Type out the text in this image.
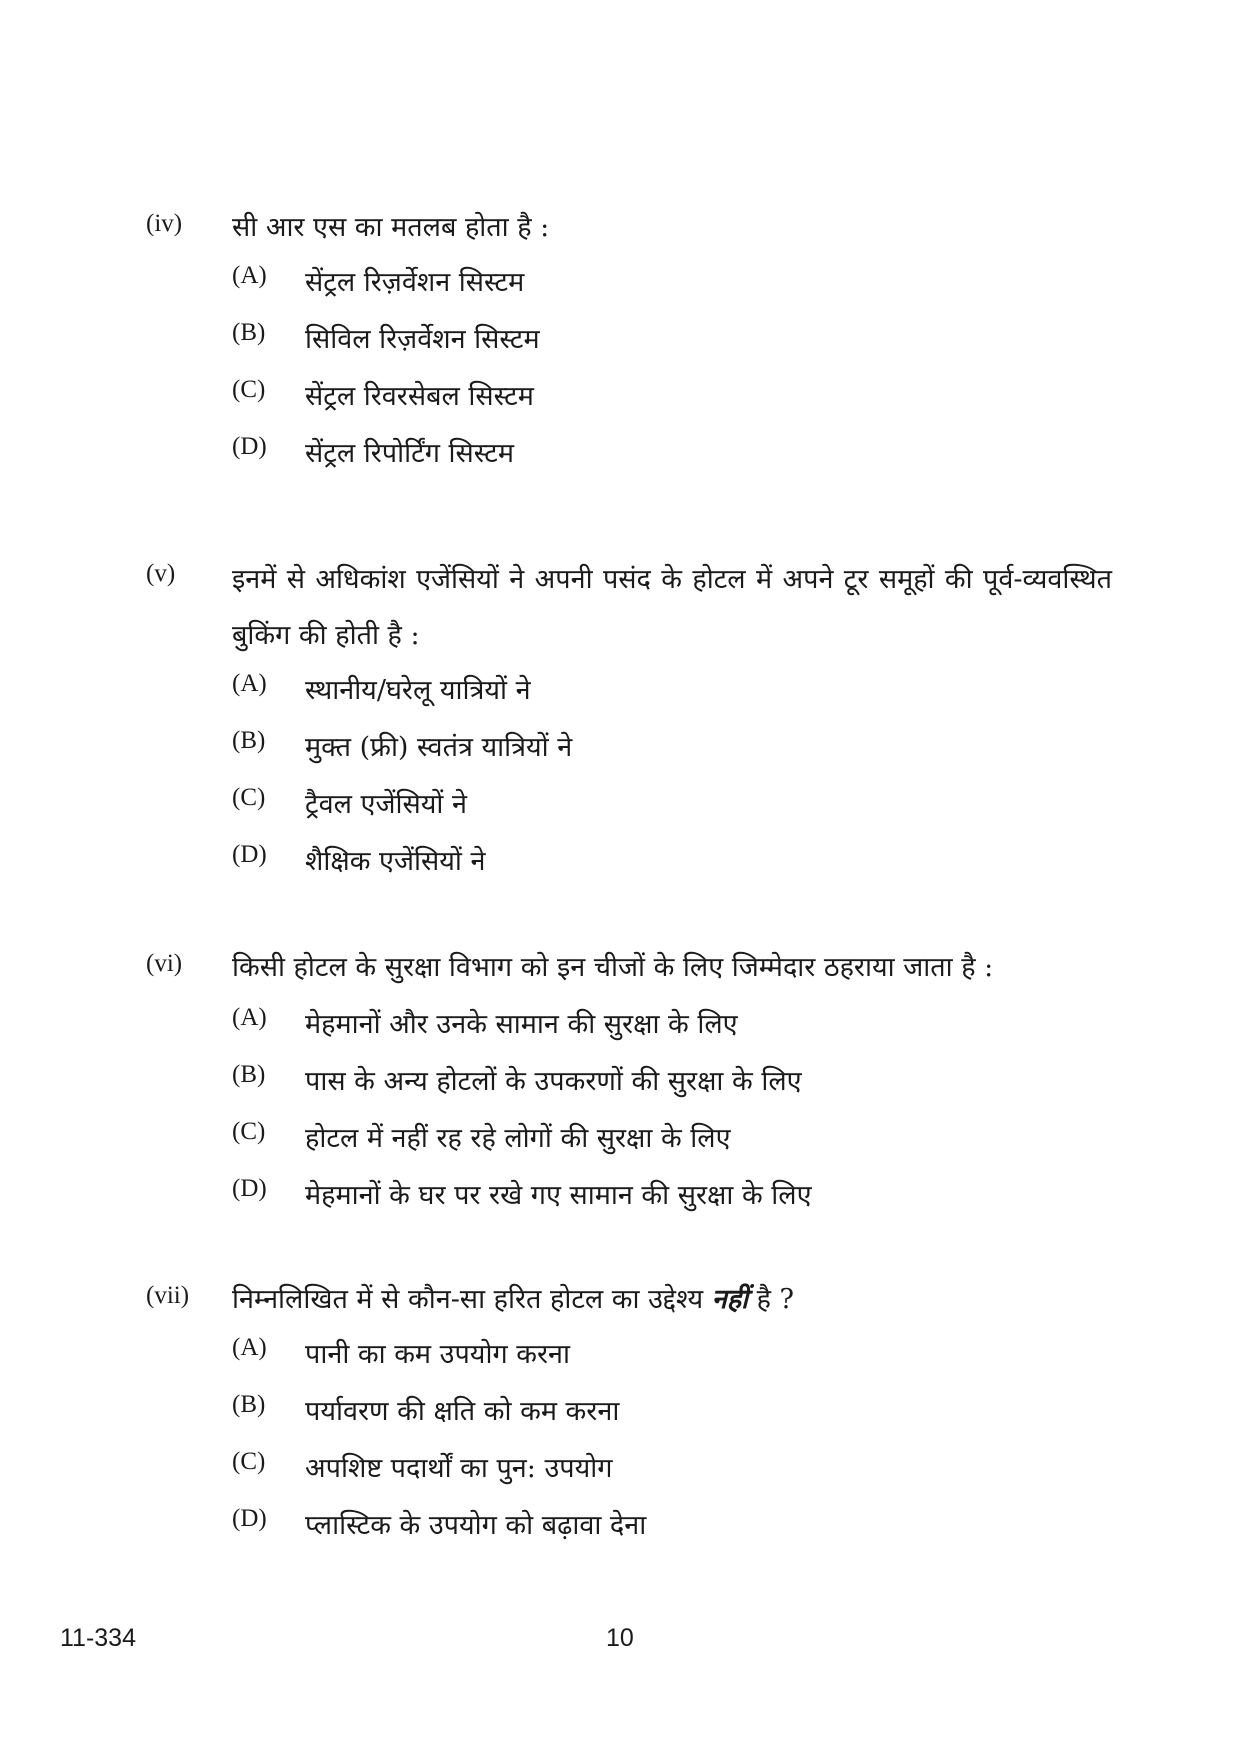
(iv) सी आर एस का मतलब होता है :
(A) सेंट्रल रिज़र्वेशन सिस्टम
(B) सिविल रिज़र्वेशन सिस्टम
(C) सेंट्रल रिवरसेबल सिस्टम
(D) सेंट्रल रिपोर्टिंग सिस्टम
(v) इनमें से अधिकांश एजेंसियों ने अपनी पसंद के होटल में अपने टूर समूहों की पूर्व-व्यवस्थित बुकिंग की होती है :
(A) स्थानीय/घरेलू यात्रियों ने
(B) मुक्त (फ्री) स्वतंत्र यात्रियों ने
(C) ट्रैवल एजेंसियों ने
(D) शैक्षिक एजेंसियों ने
(vi) किसी होटल के सुरक्षा विभाग को इन चीजों के लिए जिम्मेदार ठहराया जाता है :
(A) मेहमानों और उनके सामान की सुरक्षा के लिए
(B) पास के अन्य होटलों के उपकरणों की सुरक्षा के लिए
(C) होटल में नहीं रह रहे लोगों की सुरक्षा के लिए
(D) मेहमानों के घर पर रखे गए सामान की सुरक्षा के लिए
(vii) निम्नलिखित में से कौन-सा हरित होटल का उद्देश्य नहीं है ?
(A) पानी का कम उपयोग करना
(B) पर्यावरण की क्षति को कम करना
(C) अपशिष्ट पदार्थों का पुन: उपयोग
(D) प्लास्टिक के उपयोग को बढ़ावा देना
11-334	10
